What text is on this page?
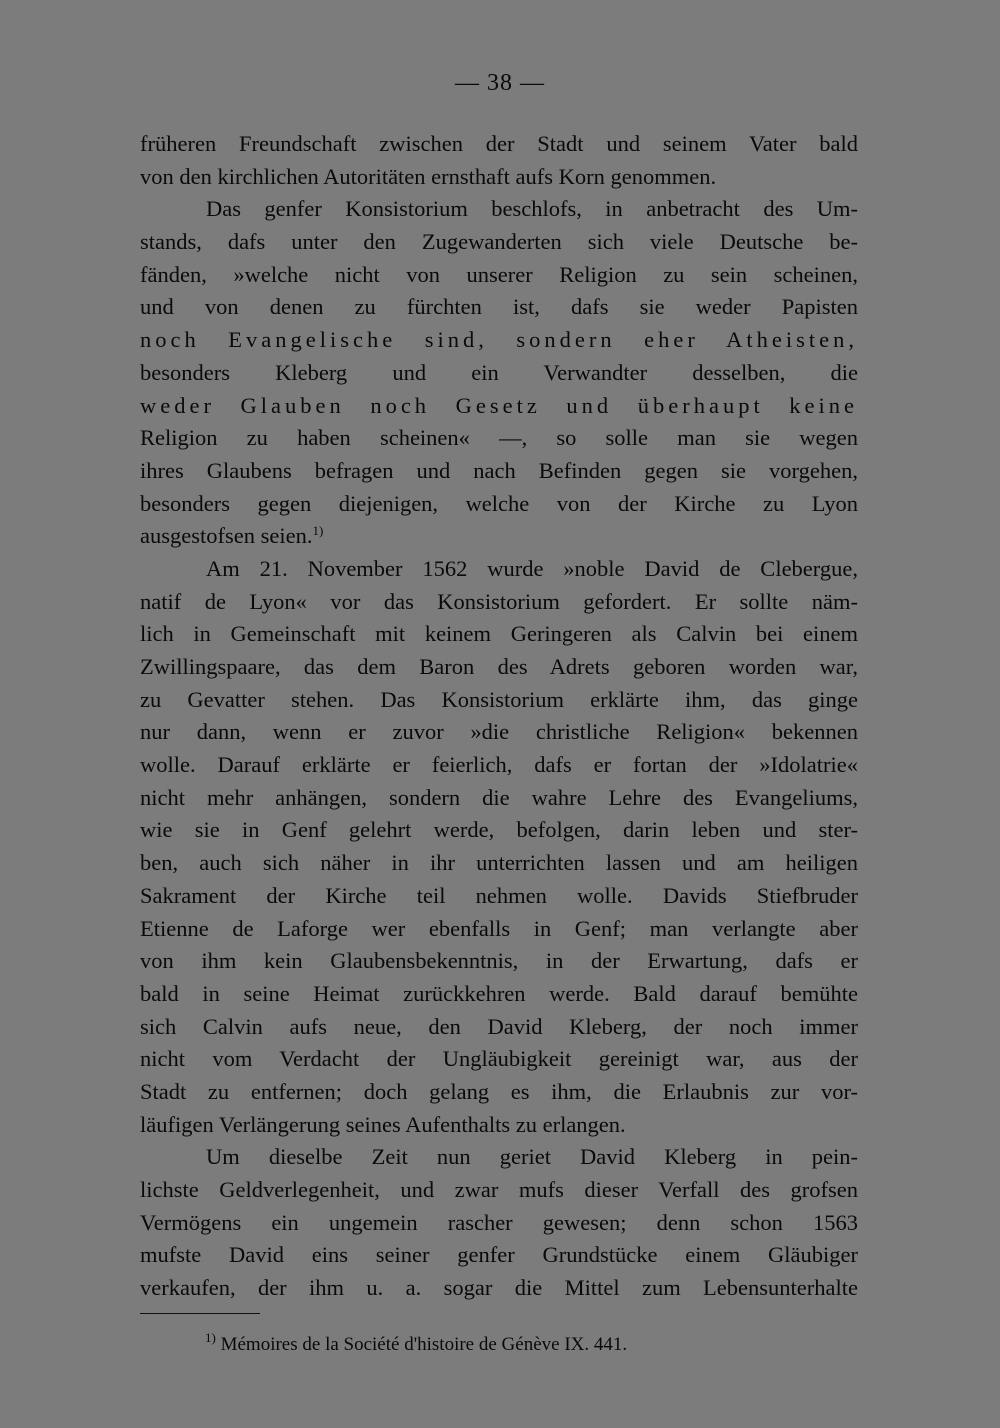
— 38 —
früheren Freundschaft zwischen der Stadt und seinem Vater bald
von den kirchlichen Autoritäten ernsthaft aufs Korn genommen.
Das genfer Konsistorium beschlofs, in anbetracht des Um-
stands, dafs unter den Zugewanderten sich viele Deutsche be-
fänden, »welche nicht von unserer Religion zu sein scheinen,
und von denen zu fürchten ist, dafs sie weder Papisten
noch Evangelische sind, sondern eher Atheisten,
besonders Kleberg und ein Verwandter desselben, die
weder Glauben noch Gesetz und überhaupt keine
Religion zu haben scheinen« —, so solle man sie wegen
ihres Glaubens befragen und nach Befinden gegen sie vorgehen,
besonders gegen diejenigen, welche von der Kirche zu Lyon
ausgestofsen seien.$^{1)}$
Am 21. November 1562 wurde »noble David de Clebergue,
natif de Lyon« vor das Konsistorium gefordert. Er sollte näm-
lich in Gemeinschaft mit keinem Geringeren als Calvin bei einem
Zwillingspaare, das dem Baron des Adrets geboren worden war,
zu Gevatter stehen. Das Konsistorium erklärte ihm, das ginge
nur dann, wenn er zuvor »die christliche Religion« bekennen
wolle. Darauf erklärte er feierlich, dafs er fortan der »Idolatrie«
nicht mehr anhängen, sondern die wahre Lehre des Evangeliums,
wie sie in Genf gelehrt werde, befolgen, darin leben und ster-
ben, auch sich näher in ihr unterrichten lassen und am heiligen
Sakrament der Kirche teil nehmen wolle. Davids Stiefbruder
Etienne de Laforge wer ebenfalls in Genf; man verlangte aber
von ihm kein Glaubensbekenntnis, in der Erwartung, dafs er
bald in seine Heimat zurückkehren werde. Bald darauf bemühte
sich Calvin aufs neue, den David Kleberg, der noch immer
nicht vom Verdacht der Ungläubigkeit gereinigt war, aus der
Stadt zu entfernen; doch gelang es ihm, die Erlaubnis zur vor-
läufigen Verlängerung seines Aufenthalts zu erlangen.
Um dieselbe Zeit nun geriet David Kleberg in pein-
lichste Geldverlegenheit, und zwar mufs dieser Verfall des grofsen
Vermögens ein ungemein rascher gewesen; denn schon 1563
mufste David eins seiner genfer Grundstücke einem Gläubiger
verkaufen, der ihm u. a. sogar die Mittel zum Lebensunterhalte
$^{1)}$ Mémoires de la Société d'histoire de Génève IX. 441.
